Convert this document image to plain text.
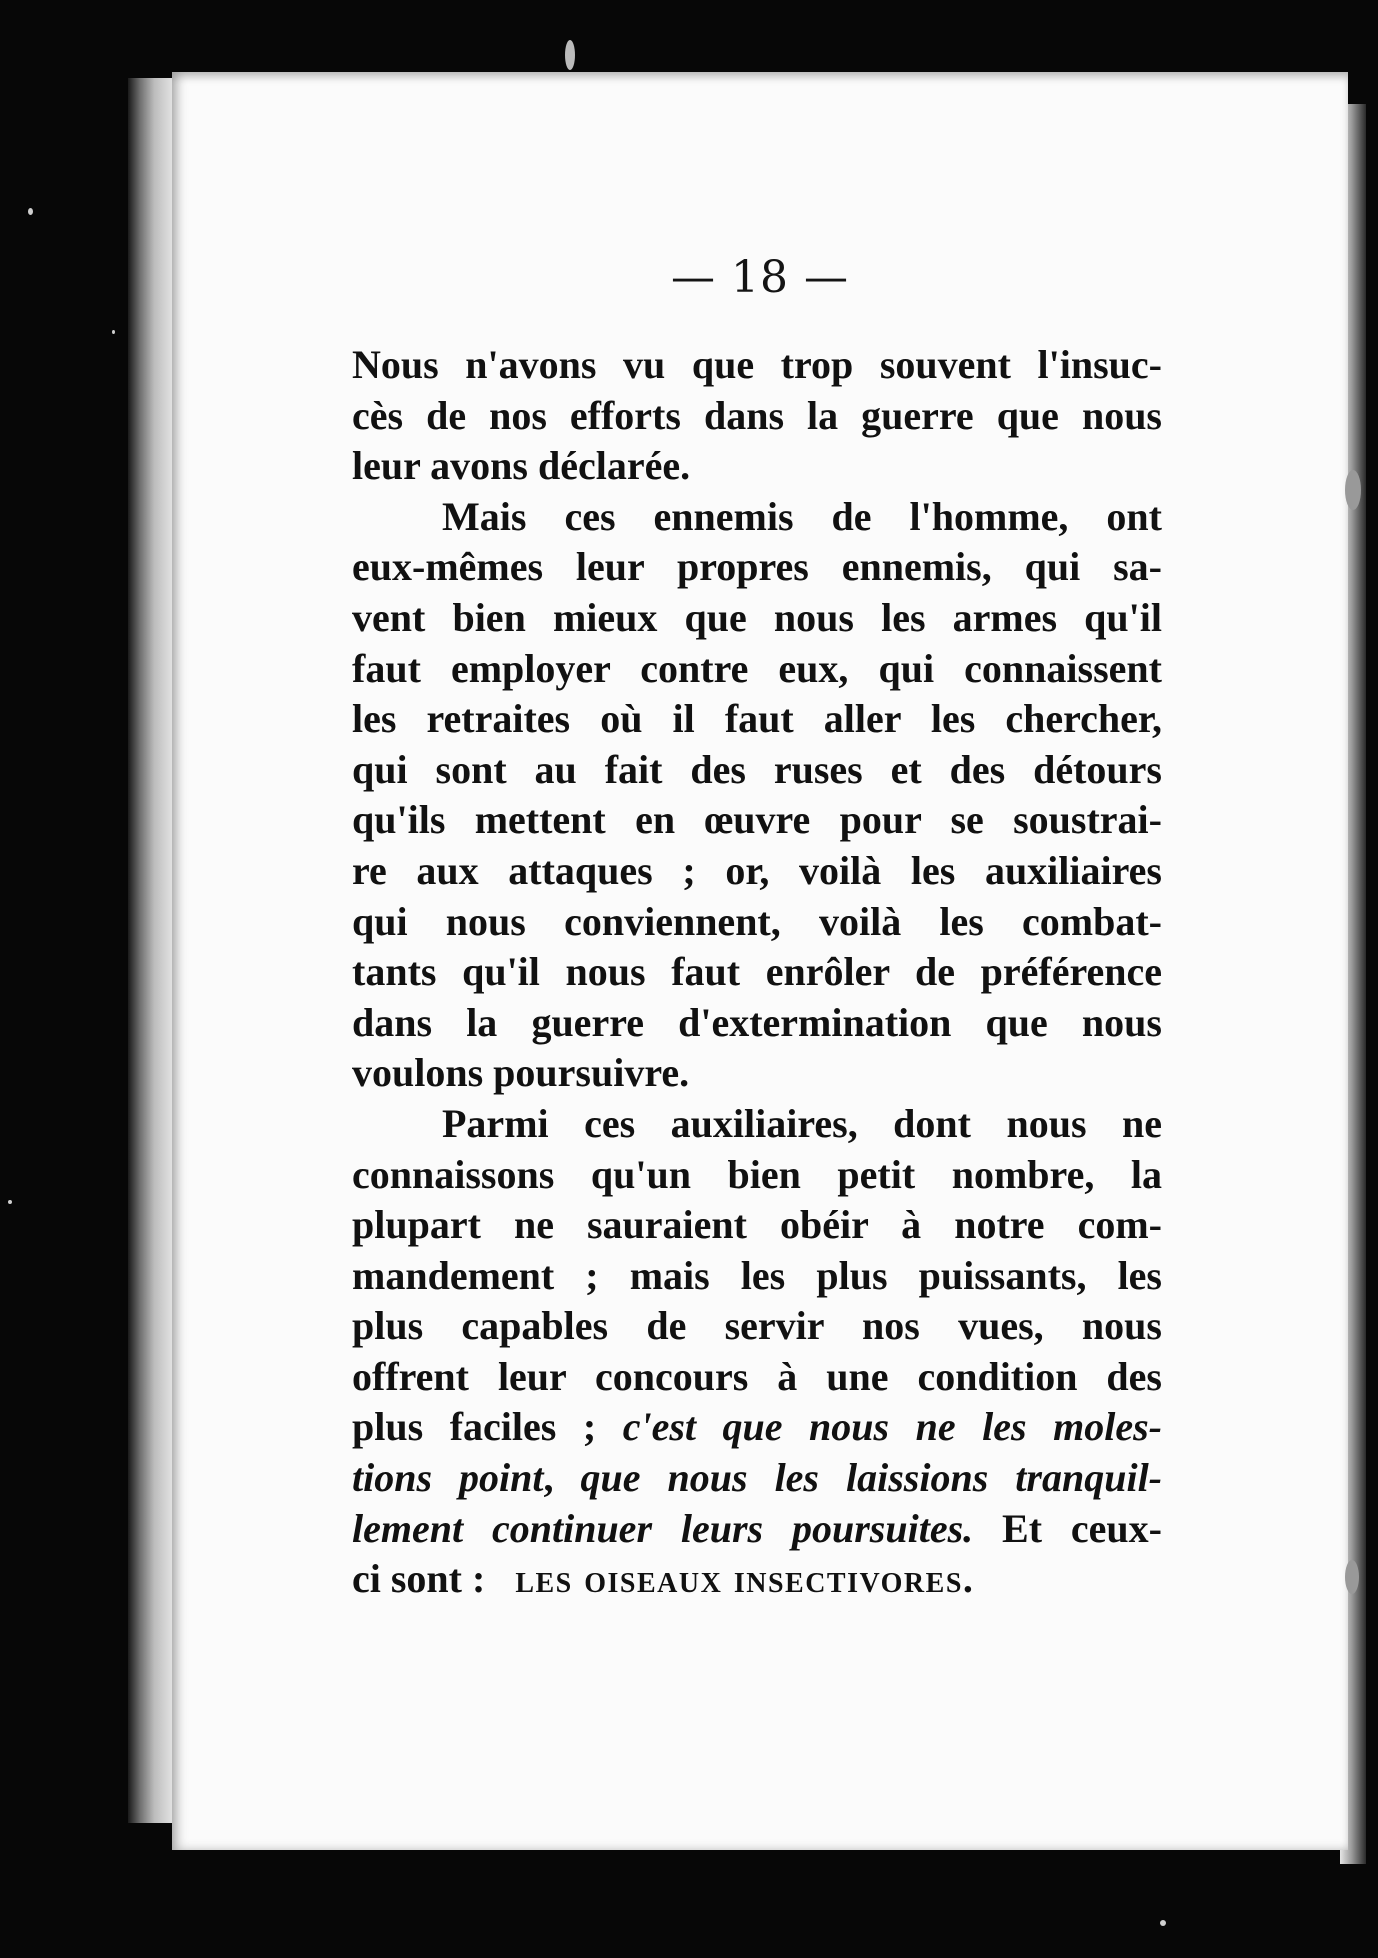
— 18 —
Nous n'avons vu que trop souvent l'insuc-
cès de nos efforts dans la guerre que nous
leur avons déclarée.
Mais ces ennemis de l'homme, ont
eux-mêmes leur propres ennemis, qui sa-
vent bien mieux que nous les armes qu'il
faut employer contre eux, qui connaissent
les retraites où il faut aller les chercher,
qui sont au fait des ruses et des détours
qu'ils mettent en œuvre pour se soustrai-
re aux attaques ; or, voilà les auxiliaires
qui nous conviennent, voilà les combat-
tants qu'il nous faut enrôler de préférence
dans la guerre d'extermination que nous
voulons poursuivre.
Parmi ces auxiliaires, dont nous ne
connaissons qu'un bien petit nombre, la
plupart ne sauraient obéir à notre com-
mandement ; mais les plus puissants, les
plus capables de servir nos vues, nous
offrent leur concours à une condition des
plus faciles ; c'est que nous ne les moles-
tions point, que nous les laissions tranquil-
lement continuer leurs poursuites. Et ceux-
ci sont : les oiseaux insectivores.
